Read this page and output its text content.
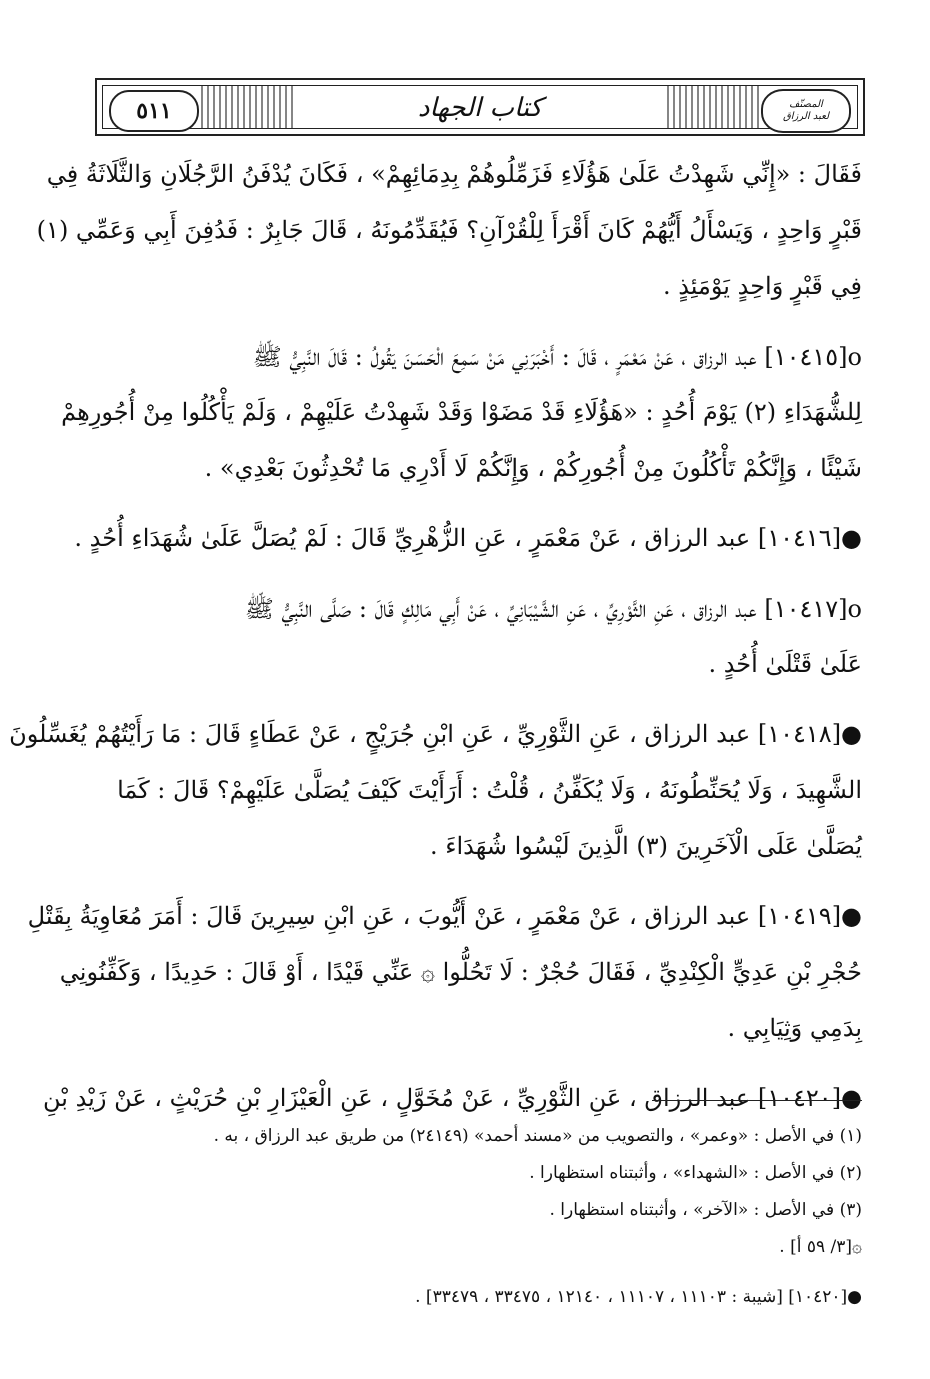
المصنّف
لعبد الرزاق
كتاب الجهاد
٥١١
فَقَالَ : «إِنِّي شَهِدْتُ عَلَىٰ هَؤُلَاءِ فَزَمِّلُوهُمْ بِدِمَائِهِمْ» ، فَكَانَ يُدْفَنُ الرَّجُلَانِ وَالثَّلَاثَةُ فِي
قَبْرٍ وَاحِدٍ ، وَيَسْأَلُ أَيُّهُمْ كَانَ أَقْرَأَ لِلْقُرْآنِ؟ فَيُقَدِّمُونَهُ ، قَالَ جَابِرٌ : فَدُفِنَ أَبِي وَعَمِّي (١)
فِي قَبْرٍ وَاحِدٍ يَوْمَئِذٍ .
ο[١٠٤١٥] عبد الرزاق ، عَنْ مَعْمَرٍ ، قَالَ : أَخْبَرَنِي مَنْ سَمِعَ الْحَسَنَ يَقُولُ : قَالَ النَّبِيُّ ﷺ
لِلشُّهَدَاءِ (٢) يَوْمَ أُحُدٍ : «هَؤُلَاءِ قَدْ مَضَوْا وَقَدْ شَهِدْتُ عَلَيْهِمْ ، وَلَمْ يَأْكُلُوا مِنْ أُجُورِهِمْ
شَيْئًا ، وَإِنَّكُمْ تَأْكُلُونَ مِنْ أُجُورِكُمْ ، وَإِنَّكُمْ لَا أَدْرِي مَا تُحْدِثُونَ بَعْدِي» .
●[١٠٤١٦] عبد الرزاق ، عَنْ مَعْمَرٍ ، عَنِ الزُّهْرِيِّ قَالَ : لَمْ يُصَلَّ عَلَىٰ شُهَدَاءِ أُحُدٍ .
ο[١٠٤١٧] عبد الرزاق ، عَنِ الثَّوْرِيِّ ، عَنِ الشَّيْبَانِيِّ ، عَنْ أَبِي مَالِكٍ قَالَ : صَلَّى النَّبِيُّ ﷺ
عَلَىٰ قَتْلَىٰ أُحُدٍ .
●[١٠٤١٨] عبد الرزاق ، عَنِ الثَّوْرِيِّ ، عَنِ ابْنِ جُرَيْجٍ ، عَنْ عَطَاءٍ قَالَ : مَا رَأَيْتُهُمْ يُغَسِّلُونَ
الشَّهِيدَ ، وَلَا يُحَنِّطُونَهُ ، وَلَا يُكَفِّنُ ، قُلْتُ : أَرَأَيْتَ كَيْفَ يُصَلَّىٰ عَلَيْهِمْ؟ قَالَ : كَمَا
يُصَلَّىٰ عَلَى الْآخَرِينَ (٣) الَّذِينَ لَيْسُوا شُهَدَاءَ .
●[١٠٤١٩] عبد الرزاق ، عَنْ مَعْمَرٍ ، عَنْ أَيُّوبَ ، عَنِ ابْنِ سِيرِينَ قَالَ : أَمَرَ مُعَاوِيَةُ بِقَتْلِ
حُجْرِ بْنِ عَدِيٍّ الْكِنْدِيِّ ، فَقَالَ حُجْرٌ : لَا تَحُلُّوا ۞ عَنِّي قَيْدًا ، أَوْ قَالَ : حَدِيدًا ، وَكَفِّنُونِي
بِدَمِي وَثِيَابِي .
●[١٠٤٢٠] عبد الرزاق ، عَنِ الثَّوْرِيِّ ، عَنْ مُخَوَّلٍ ، عَنِ الْعَيْزَارِ بْنِ حُرَيْثٍ ، عَنْ زَيْدِ بْنِ
(١) في الأصل : «وعمر» ، والتصويب من «مسند أحمد» (٢٤١٤٩) من طريق عبد الرزاق ، به .
(٢) في الأصل : «الشهداء» ، وأثبتناه استظهارا .
(٣) في الأصل : «الآخر» ، وأثبتناه استظهارا .
۞[٣/ ٥٩ أ] .
●[١٠٤٢٠] [شيبة : ١١١٠٣ ، ١١١٠٧ ، ١٢١٤٠ ، ٣٣٤٧٥ ، ٣٣٤٧٩] .
